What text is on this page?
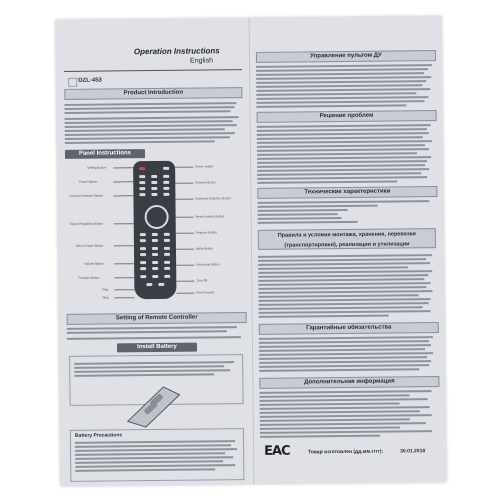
Operation Instructions
English
DZL-453
Product Introduction
Panel Instructions
Setting Button
Power Button
Channel Selection Button
Sound Regulation Button
Menu & Mute Button
Volume Button
Function Button
Play
Stop
Power Switch
Channel Button
Keyboard Selection Button
Menu/Loading Button
Program Button
Mode Button
Functional Button
Turn Off
Fast Forward
Setting of Remote Controller
Install Battery
Battery Precautions
Управление пультом ДУ
Решение проблем
Технические характеристики
Правила и условия монтажа, хранения, перевозки (транспортировки), реализации и утилизации
Гарантийные обязательства
Дополнительная информация
EAC	Товар изготовлен (дд.мм.гггг):	30.01.2018
